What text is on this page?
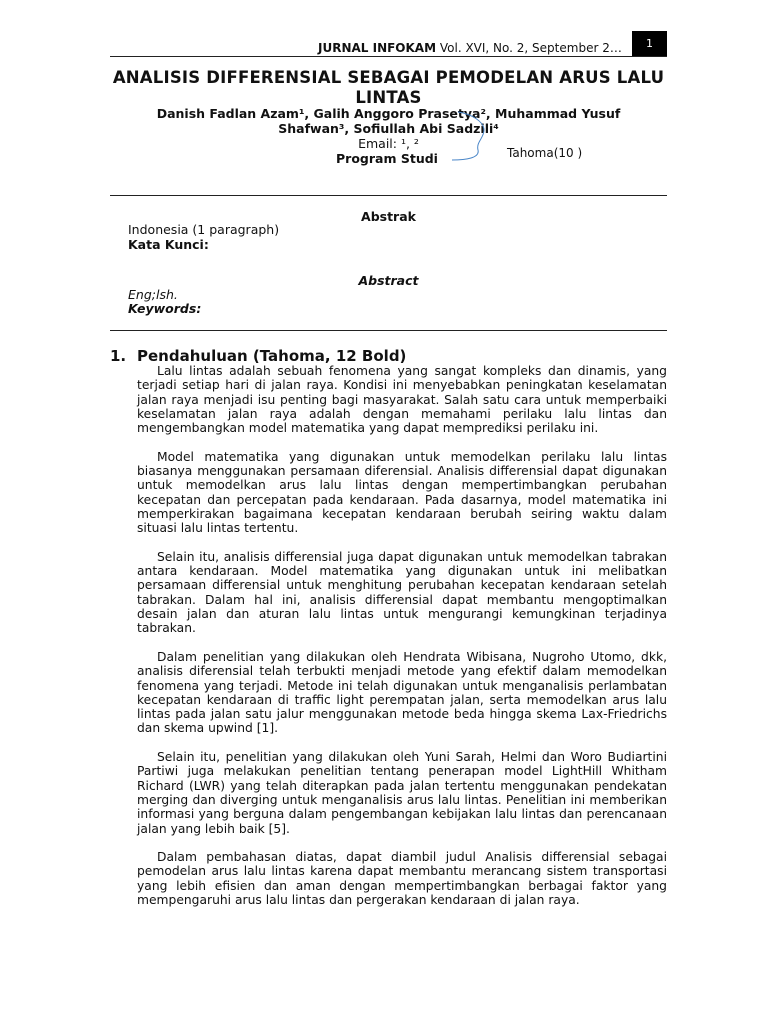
JURNAL INFOKAM Vol. XVI, No. 2, September 2…	1
ANALISIS DIFFERENSIAL SEBAGAI PEMODELAN ARUS LALU LINTAS
Danish Fadlan Azam¹, Galih Anggoro Prasetya², Muhammad Yusuf Shafwan³, Sofiullah Abi Sadzili⁴
Email: ¹, ²
Program Studi	Tahoma(10 )
Abstrak
Indonesia (1 paragraph)
Kata Kunci:
Abstract
Eng;lsh.
Keywords:
1. Pendahuluan (Tahoma, 12 Bold)

Lalu lintas adalah sebuah fenomena yang sangat kompleks dan dinamis, yang terjadi setiap hari di jalan raya. Kondisi ini menyebabkan peningkatan keselamatan jalan raya menjadi isu penting bagi masyarakat. Salah satu cara untuk memperbaiki keselamatan jalan raya adalah dengan memahami perilaku lalu lintas dan mengembangkan model matematika yang dapat memprediksi perilaku ini.

Model matematika yang digunakan untuk memodelkan perilaku lalu lintas biasanya menggunakan persamaan diferensial. Analisis differensial dapat digunakan untuk memodelkan arus lalu lintas dengan mempertimbangkan perubahan kecepatan dan percepatan pada kendaraan. Pada dasarnya, model matematika ini memperkirakan bagaimana kecepatan kendaraan berubah seiring waktu dalam situasi lalu lintas tertentu.

Selain itu, analisis differensial juga dapat digunakan untuk memodelkan tabrakan antara kendaraan. Model matematika yang digunakan untuk ini melibatkan persamaan differensial untuk menghitung perubahan kecepatan kendaraan setelah tabrakan. Dalam hal ini, analisis differensial dapat membantu mengoptimalkan desain jalan dan aturan lalu lintas untuk mengurangi kemungkinan terjadinya tabrakan.

Dalam penelitian yang dilakukan oleh Hendrata Wibisana, Nugroho Utomo, dkk, analisis diferensial telah terbukti menjadi metode yang efektif dalam memodelkan fenomena yang terjadi. Metode ini telah digunakan untuk menganalisis perlambatan kecepatan kendaraan di traffic light perempatan jalan, serta memodelkan arus lalu lintas pada jalan satu jalur menggunakan metode beda hingga skema Lax-Friedrichs dan skema upwind [1].

Selain itu, penelitian yang dilakukan oleh Yuni Sarah, Helmi dan Woro Budiartini Partiwi juga melakukan penelitian tentang penerapan model LightHill Whitham Richard (LWR) yang telah diterapkan pada jalan tertentu menggunakan pendekatan merging dan diverging untuk menganalisis arus lalu lintas. Penelitian ini memberikan informasi yang berguna dalam pengembangan kebijakan lalu lintas dan perencanaan jalan yang lebih baik [5].

Dalam pembahasan diatas, dapat diambil judul Analisis differensial sebagai pemodelan arus lalu lintas karena dapat membantu merancang sistem transportasi yang lebih efisien dan aman dengan mempertimbangkan berbagai faktor yang mempengaruhi arus lalu lintas dan pergerakan kendaraan di jalan raya.
